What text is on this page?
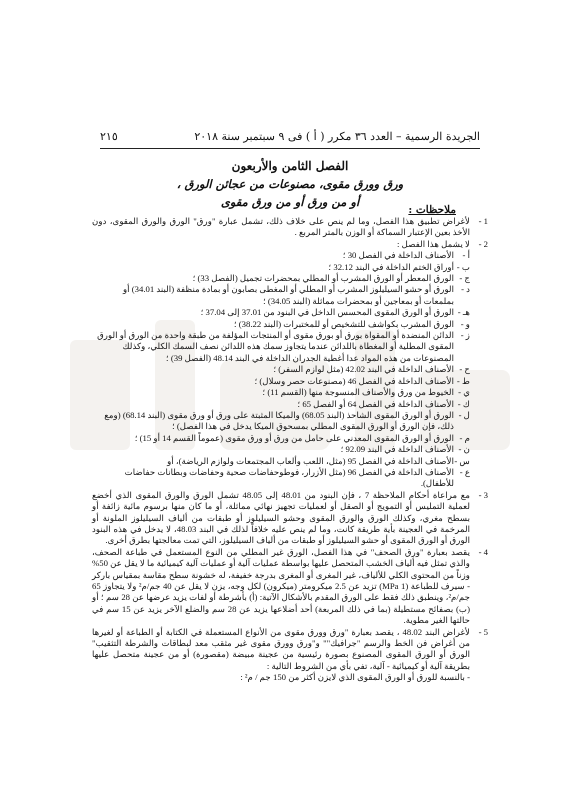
الجريدة الرسمية – العدد ٣٦ مكرر ( أ ) فى ٩ سبتمبر سنة ٢٠١٨
٢١٥
الفصل الثامن والأربعون
ورق وورق مقوى، مصنوعات من عجائن الورق ،
أو من ورق أو من ورق مقوى
ملاحظات :
1 -
لأغراض تطبيق هذا الفصل، وما لم ينص على خلاف ذلك، تشمل عبارة "ورق" الورق والورق المقوى، دون الأخذ بعين الإعتبار السماكة أو الوزن بالمتر المربع .
2 -
لا يشمل هذا الفصل :
أ -
الأصناف الداخلة في الفصل 30 ؛
ب -
أوراق الختم الداخلة في البند 32.12 ؛
ج -
الورق المعطر أو الورق المشرب أو المطلي بمحضرات تجميل (الفصل 33) ؛
د -
الورق أو حشو السيليلوز المشرب أو المطلي أو المغطى بصابون أو بمادة منظفة (البند 34.01) أو بملمعات أو بمعاجين أو بمحضرات مماثلة (البند 34.05) ؛
هـ -
الورق أو الورق المقوى المحسس الداخل في البنود من 37.01 إلى 37.04 ؛
و -
الورق المشرب بكواشف للتشخيص أو للمختبرات (البند 38.22) ؛
ز -
الدائن المنضدة أو المقواة بورق أو بورق مقوى أو المنتجات المؤلفة من طبقة واحدة من الورق أو الورق المقوى المطلية أو المغطاة باللدائن عندما يتجاوز سمك هذه اللدائن نصف السمك الكلي، وكذلك المصنوعات من هذه المواد عدا أغطية الجدران الداخلة في البند 48.14 (الفصل 39) ؛
ح -
الأصناف الداخلة في البند 42.02 (مثل لوازم السفر) ؛
ط -
الأصناف الداخلة في الفصل 46 (مصنوعات حصر وسلال) ؛
ي -
الخيوط من ورق والأصناف المنسوجة منها (القسم 11) ؛
ك -
الأصناف الداخلة في الفصل 64 أو الفصل 65 ؛
ل -
الورق أو الورق المقوى الشاحذ (البند 68.05) والميكا المثبتة على ورق أو ورق مقوى (البند 68.14) (ومع ذلك، فإن الورق أو الورق المقوى المطلي بمسحوق الميكا يدخل في هذا الفصل) ؛
م -
الورق أو الورق المقوى المعدني على حامل من ورق أو ورق مقوى (عموماً القسم 14 أو 15) ؛
ن -
الأصناف الداخلة في البند 92.09 ؛
س -
الأصناف الداخلة في الفصل 95 (مثل، اللعب وألعاب المجتمعات ولوازم الرياضة)، أو
ع -
الأصناف الداخلة في الفصل 96 (مثل الأزرار، فوطوحفاضات صحية وحفاضات وبطانات حفاضات للأطفال).
3 -
مع مراعاة أحكام الملاحظة 7 ، فإن البنود من 48.01 إلى 48.05 تشمل الورق والورق المقوى الذي أخضع لعملية التمليس أو التمويج أو الصقل أو لعمليات تجهيز نهائي مماثلة، أو ما كان منها برسوم مائية زائفة أو بسطح مغري، وكذلك الورق والورق المقوى وحشو السيليلوز أو طبقات من ألياف السيليلوز الملونة أو المرخمة في العجينة بأية طريقة كانت، وما لم ينص عليه خلافاً لذلك في البند 48.03، لا يدخل في هذه البنود الورق أو الورق المقوى أو حشو السيليلوز أو طبقات من ألياف السيليلوز، التي تمت معالجتها بطرق أخرى.
4 -
يقصد بعبارة "ورق الصحف" في هذا الفصل، الورق غير المطلي من النوع المستعمل في طباعة الصحف، والذي تمثل فيه ألياف الخشب المتحصل عليها بواسطة عمليات آلية أو عمليات آلية كيميائية ما لا يقل عن 50% وزناً من المحتوى الكلي للألياف، غير المغرى أو المغرى بدرجة خفيفة، له خشونة سطح مقاسة بمقياس باركر - سيرف للطباعة (1 MPa) تزيد عن 2.5 ميكرومتر (ميكرون) لكل وجه، يزن لا يقل عن 40 جم/م² ولا يتجاوز 65 جم/م²، وينطبق ذلك فقط على الورق المقدم بالأشكال الآتية: (أ) بأشرطة أو لفات يزيد عرضها عن 28 سم ؛ أو (ب) بصفائح مستطيلة (بما في ذلك المربعة) أحد أضلاعها يزيد عن 28 سم والضلع الآخر يزيد عن 15 سم في حالتها الغير مطوية.
5 -
لأغراض البند 48.02 ، يقصد بعبارة "ورق وورق مقوى من الأنواع المستعملة في الكتابة أو الطباعة أو لغيرها من أغراض فن الخط والرسم "جرافيك"" و"ورق وورق مقوى غير مثقب معد لبطاقات والشرطة التثقيب" الورق أو الورق المقوى المصنوع بصورة رئيسية من عجينة مبيضة (مقصورة) أو من عجينة متحصل عليها بطريقة آلية أو كيميائية - آلية، تفي بأي من الشروط التالية :
- بالنسبة للورق أو الورق المقوى الذي لايزن أكثر من 150 جم / م² :
